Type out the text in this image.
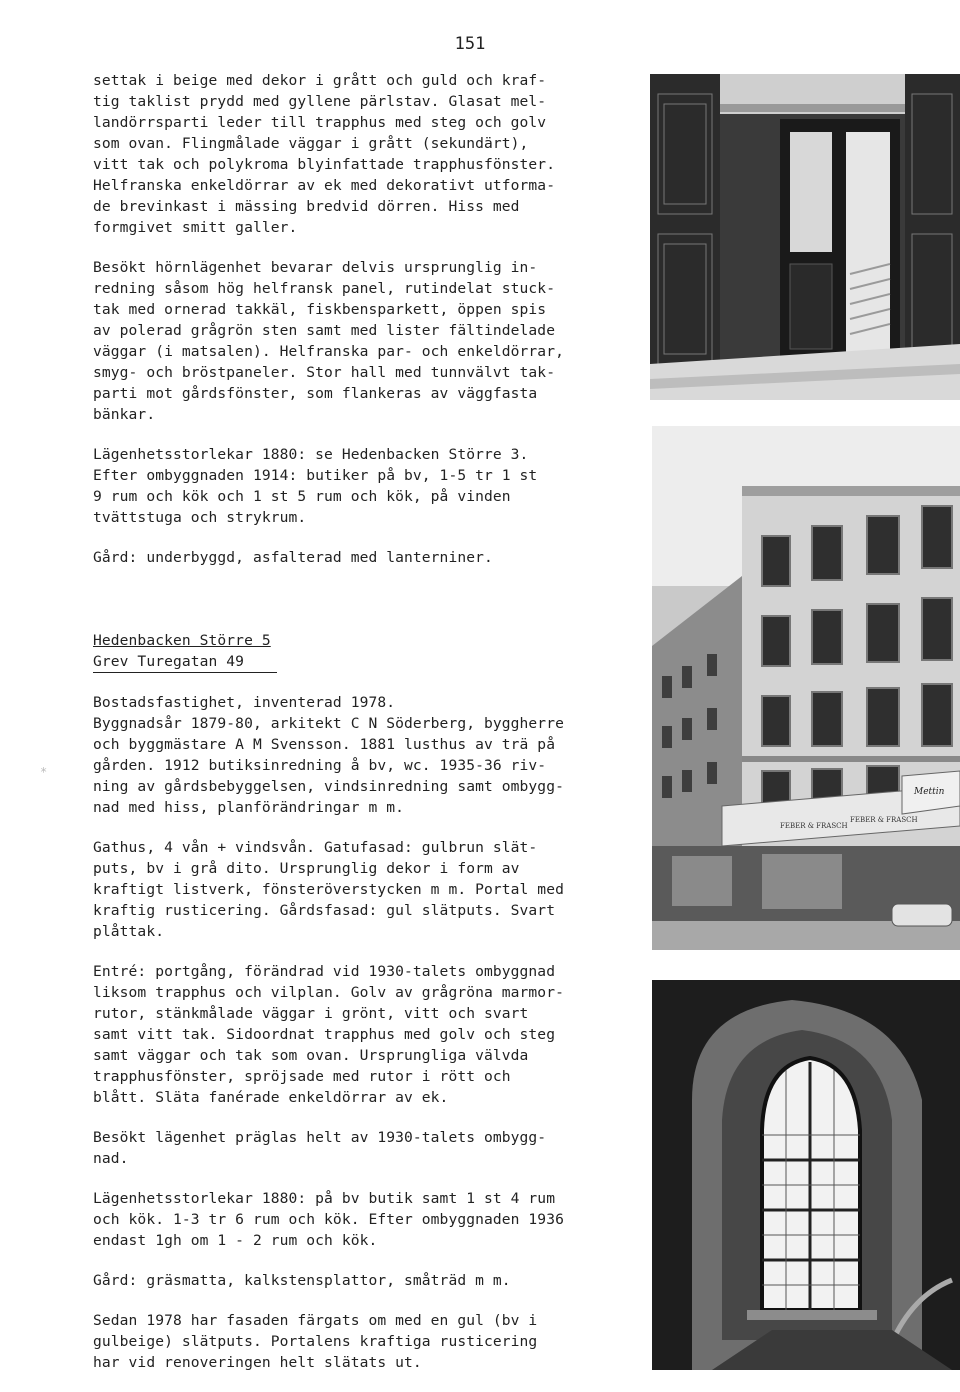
151

settak i beige med dekor i grått och guld och kraf-
tig taklist prydd med gyllene pärlstav. Glasat mel-
landörrsparti leder till trapphus med steg och golv
som ovan. Flingmålade väggar i grått (sekundärt),
vitt tak och polykroma blyinfattade trapphusfönster.
Helfranska enkeldörrar av ek med dekorativt utforma-
de brevinkast i mässing bredvid dörren. Hiss med
formgivet smitt galler.

Besökt hörnlägenhet bevarar delvis ursprunglig in-
redning såsom hög helfransk panel, rutindelat stuck-
tak med ornerad takkäl, fiskbensparkett, öppen spis
av polerad grågrön sten samt med lister fältindelade
väggar (i matsalen). Helfranska par- och enkeldörrar,
smyg- och bröstpaneler. Stor hall med tunnvälvt tak-
parti mot gårdsfönster, som flankeras av väggfasta
bänkar.

Lägenhetsstorlekar 1880: se Hedenbacken Större 3.
Efter ombyggnaden 1914: butiker på bv, 1-5 tr 1 st
9 rum och kök och 1 st 5 rum och kök, på vinden
tvättstuga och strykrum.

Gård: underbyggd, asfalterad med lanterniner.

Hedenbacken Större 5
Grev Turegatan 49

Bostadsfastighet, inventerad 1978.
Byggnadsår 1879-80, arkitekt C N Söderberg, byggherre
och byggmästare A M Svensson. 1881 lusthus av trä på
gården. 1912 butiksinredning å bv, wc. 1935-36 riv-
ning av gårdsbebyggelsen, vindsinredning samt ombygg-
nad med hiss, planförändringar m m.

Gathus, 4 vån + vindsvån. Gatufasad: gulbrun slät-
puts, bv i grå dito. Ursprunglig dekor i form av
kraftigt listverk, fönsteröverstycken m m. Portal med
kraftig rusticering. Gårdsfasad: gul slätputs. Svart
plåttak.

Entré: portgång, förändrad vid 1930-talets ombyggnad
liksom trapphus och vilplan. Golv av grågröna marmor-
rutor, stänkmålade väggar i grönt, vitt och svart
samt vitt tak. Sidoordnat trapphus med golv och steg
samt väggar och tak som ovan. Ursprungliga välvda
trapphusfönster, spröjsade med rutor i rött och
blått. Släta fanérade enkeldörrar av ek.

Besökt lägenhet präglas helt av 1930-talets ombygg-
nad.

Lägenhetsstorlekar 1880: på bv butik samt 1 st 4 rum
och kök. 1-3 tr 6 rum och kök. Efter ombyggnaden 1936
endast 1gh om 1 - 2 rum och kök.

Gård: gräsmatta, kalkstensplattor, småträd m m.

Sedan 1978 har fasaden färgats om med en gul (bv i
gulbeige) slätputs. Portalens kraftiga rusticering
har vid renoveringen helt slätats ut.

Mettin
FEBER & FRASCH
FEBER & FRASCH
*
